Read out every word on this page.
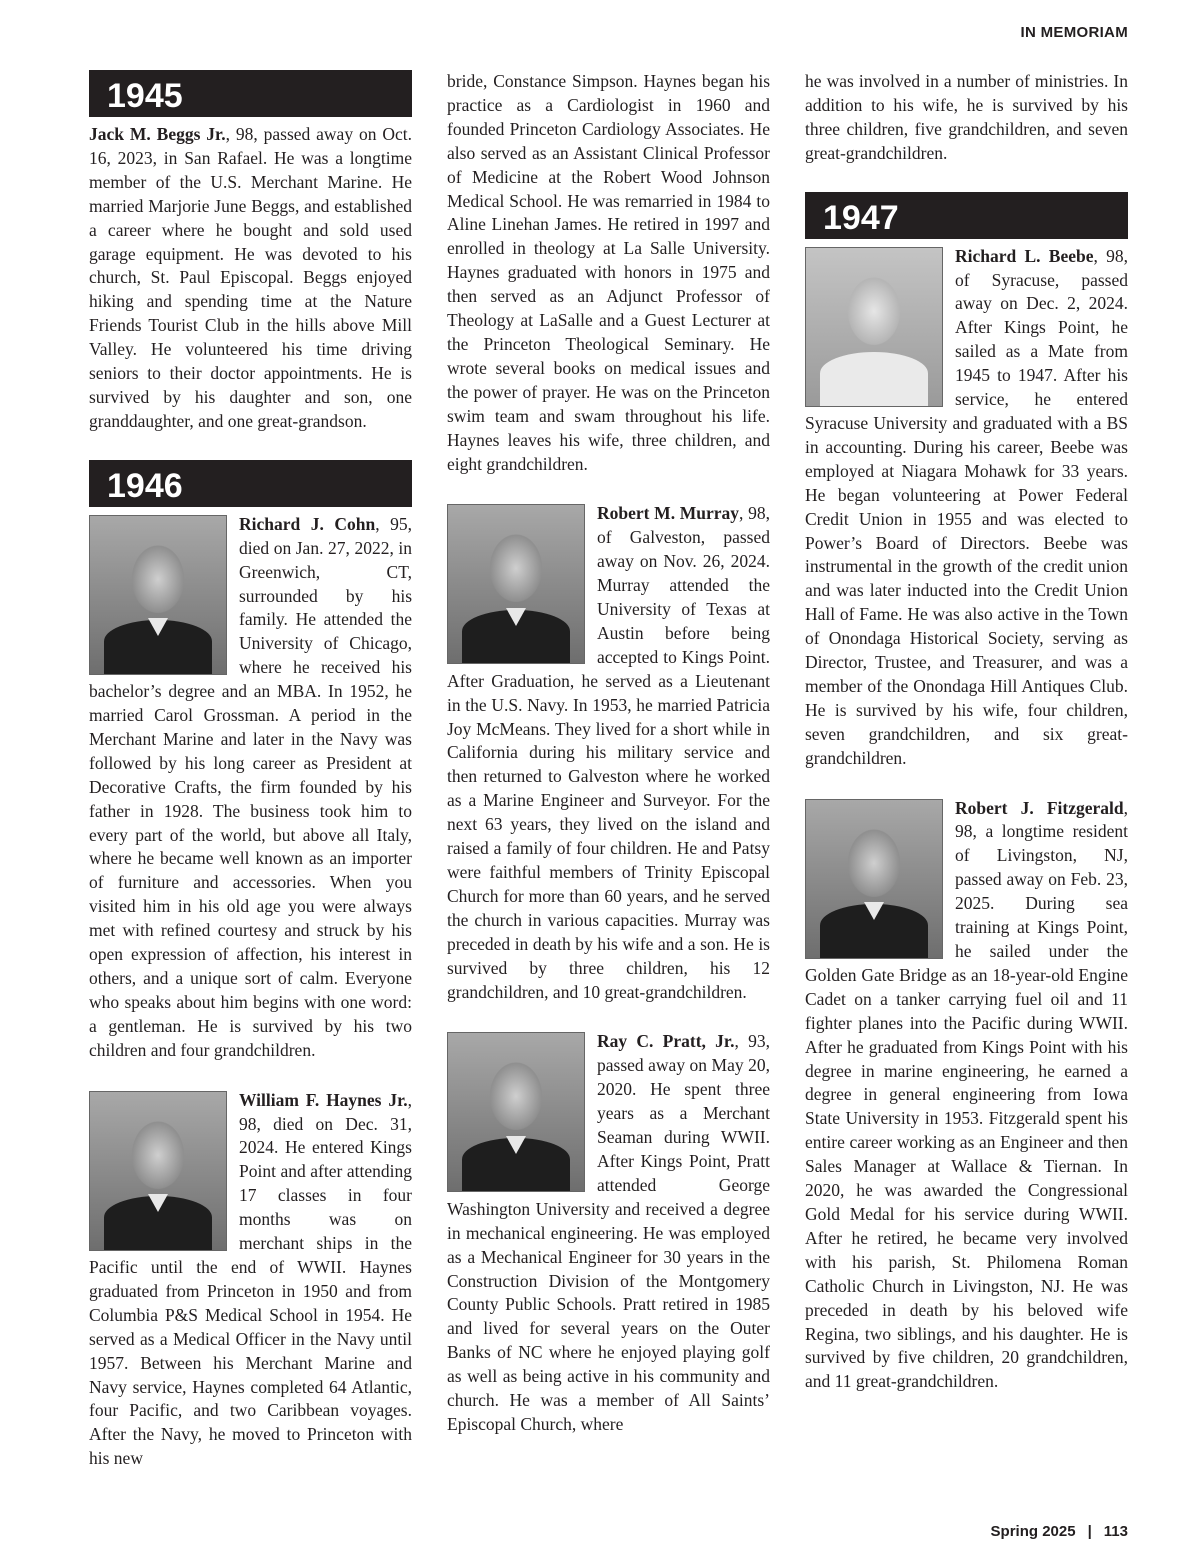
IN MEMORIAM
1945

Jack M. Beggs Jr., 98, passed away on Oct. 16, 2023, in San Rafael. He was a longtime member of the U.S. Merchant Marine. He married Marjorie June Beggs, and established a career where he bought and sold used garage equipment. He was devoted to his church, St. Paul Episcopal. Beggs enjoyed hiking and spending time at the Nature Friends Tourist Club in the hills above Mill Valley. He volunteered his time driving seniors to their doctor appointments. He is survived by his daughter and son, one granddaughter, and one great-grandson.

1946

Richard J. Cohn, 95, died on Jan. 27, 2022, in Greenwich, CT, surrounded by his family. He attended the University of Chicago, where he received his bachelor’s degree and an MBA. In 1952, he married Carol Grossman. A period in the Merchant Marine and later in the Navy was followed by his long career as President at Decorative Crafts, the firm founded by his father in 1928. The business took him to every part of the world, but above all Italy, where he became well known as an importer of furniture and accessories. When you visited him in his old age you were always met with refined courtesy and struck by his open expression of affection, his interest in others, and a unique sort of calm. Everyone who speaks about him begins with one word: a gentleman. He is survived by his two children and four grandchildren.

William F. Haynes Jr., 98, died on Dec. 31, 2024. He entered Kings Point and after attending 17 classes in four months was on merchant ships in the Pacific until the end of WWII. Haynes graduated from Princeton in 1950 and from Columbia P&S Medical School in 1954. He served as a Medical Officer in the Navy until 1957. Between his Merchant Marine and Navy service, Haynes completed 64 Atlantic, four Pacific, and two Caribbean voyages. After the Navy, he moved to Princeton with his new

bride, Constance Simpson. Haynes began his practice as a Cardiologist in 1960 and founded Princeton Cardiology Associates. He also served as an Assistant Clinical Professor of Medicine at the Robert Wood Johnson Medical School. He was remarried in 1984 to Aline Linehan James. He retired in 1997 and enrolled in theology at La Salle University. Haynes graduated with honors in 1975 and then served as an Adjunct Professor of Theology at LaSalle and a Guest Lecturer at the Princeton Theological Seminary. He wrote several books on medical issues and the power of prayer. He was on the Princeton swim team and swam throughout his life. Haynes leaves his wife, three children, and eight grandchildren.

Robert M. Murray, 98, of Galveston, passed away on Nov. 26, 2024. Murray attended the University of Texas at Austin before being accepted to Kings Point. After Graduation, he served as a Lieutenant in the U.S. Navy. In 1953, he married Patricia Joy McMeans. They lived for a short while in California during his military service and then returned to Galveston where he worked as a Marine Engineer and Surveyor. For the next 63 years, they lived on the island and raised a family of four children. He and Patsy were faithful members of Trinity Episcopal Church for more than 60 years, and he served the church in various capacities. Murray was preceded in death by his wife and a son. He is survived by three children, his 12 grandchildren, and 10 great-grandchildren.

Ray C. Pratt, Jr., 93, passed away on May 20, 2020. He spent three years as a Merchant Seaman during WWII. After Kings Point, Pratt attended George Washington University and received a degree in mechanical engineering. He was employed as a Mechanical Engineer for 30 years in the Construction Division of the Montgomery County Public Schools. Pratt retired in 1985 and lived for several years on the Outer Banks of NC where he enjoyed playing golf as well as being active in his community and church. He was a member of All Saints’ Episcopal Church, where

he was involved in a number of ministries. In addition to his wife, he is survived by his three children, five grandchildren, and seven great-grandchildren.

1947

Richard L. Beebe, 98, of Syracuse, passed away on Dec. 2, 2024. After Kings Point, he sailed as a Mate from 1945 to 1947. After his service, he entered Syracuse University and graduated with a BS in accounting. During his career, Beebe was employed at Niagara Mohawk for 33 years. He began volunteering at Power Federal Credit Union in 1955 and was elected to Power’s Board of Directors. Beebe was instrumental in the growth of the credit union and was later inducted into the Credit Union Hall of Fame. He was also active in the Town of Onondaga Historical Society, serving as Director, Trustee, and Treasurer, and was a member of the Onondaga Hill Antiques Club. He is survived by his wife, four children, seven grandchildren, and six great-grandchildren.

Robert J. Fitzgerald, 98, a longtime resident of Livingston, NJ, passed away on Feb. 23, 2025. During sea training at Kings Point, he sailed under the Golden Gate Bridge as an 18-year-old Engine Cadet on a tanker carrying fuel oil and 11 fighter planes into the Pacific during WWII. After he graduated from Kings Point with his degree in marine engineering, he earned a degree in general engineering from Iowa State University in 1953. Fitzgerald spent his entire career working as an Engineer and then Sales Manager at Wallace & Tiernan. In 2020, he was awarded the Congressional Gold Medal for his service during WWII. After he retired, he became very involved with his parish, St. Philomena Roman Catholic Church in Livingston, NJ. He was preceded in death by his beloved wife Regina, two siblings, and his daughter. He is survived by five children, 20 grandchildren, and 11 great-grandchildren.

Spring 2025 | 113
